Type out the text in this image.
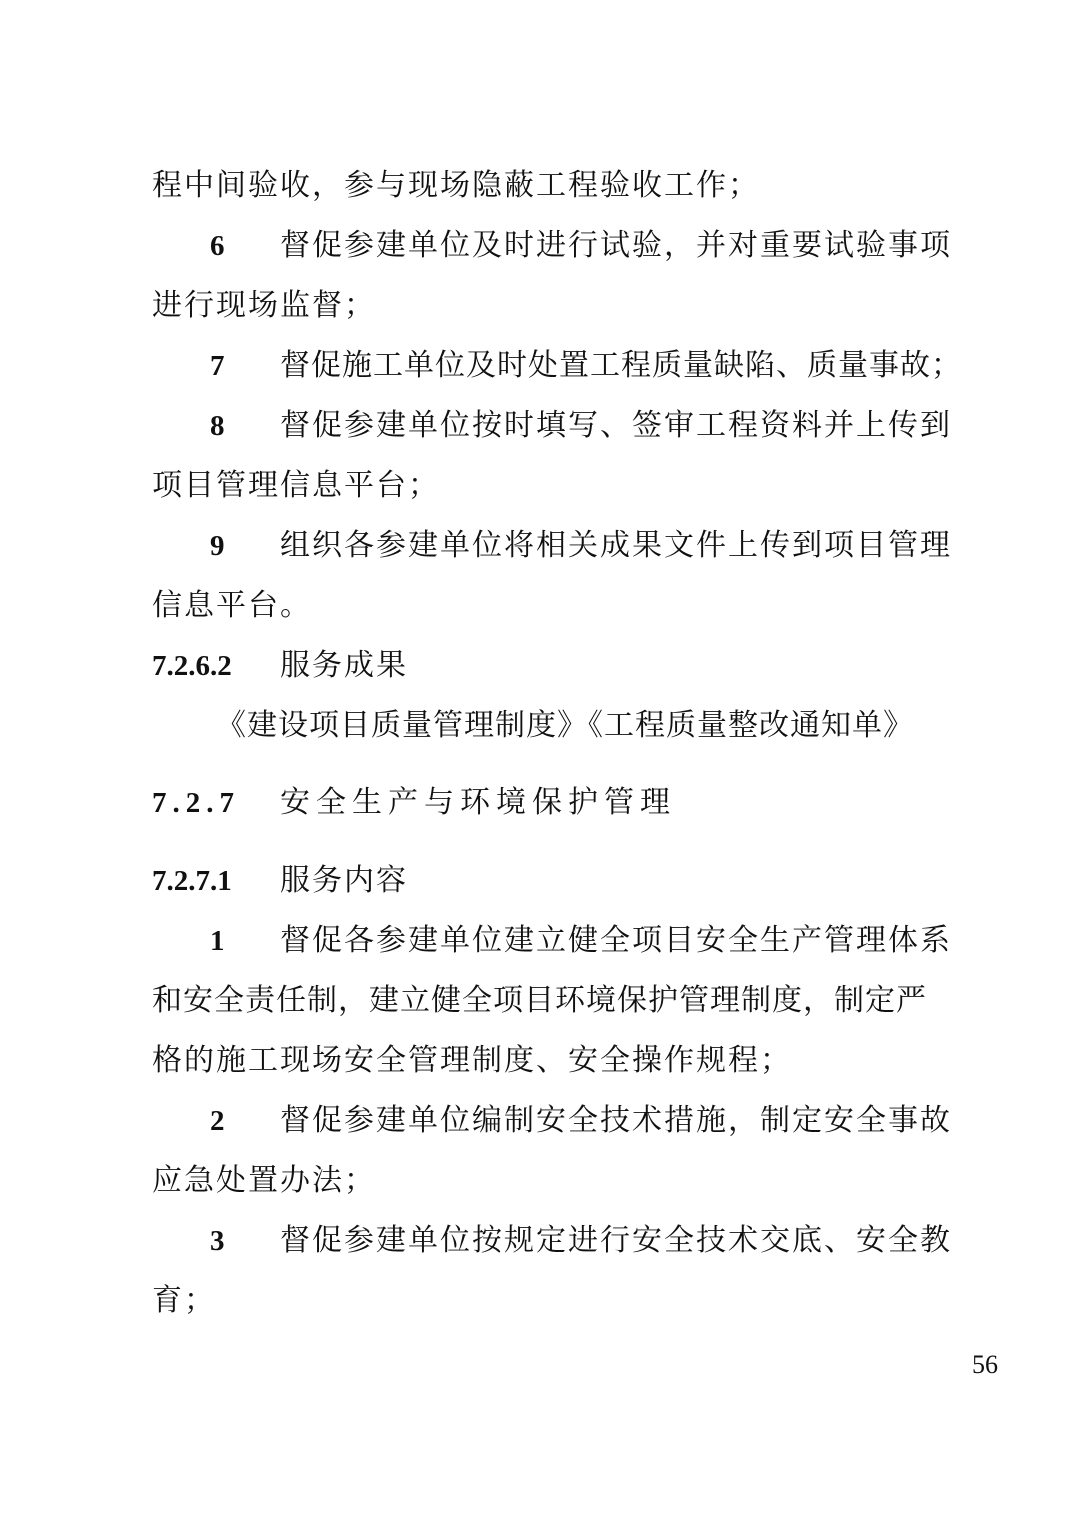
程中间验收，参与现场隐蔽工程验收工作；
6 督促参建单位及时进行试验，并对重要试验事项
进行现场监督；
7 督促施工单位及时处置工程质量缺陷、质量事故；
8 督促参建单位按时填写、签审工程资料并上传到
项目管理信息平台；
9 组织各参建单位将相关成果文件上传到项目管理
信息平台。
7.2.6.2 服务成果
《建设项目质量管理制度》《工程质量整改通知单》
7.2.7 安全生产与环境保护管理
7.2.7.1 服务内容
1 督促各参建单位建立健全项目安全生产管理体系
和安全责任制，建立健全项目环境保护管理制度，制定严
格的施工现场安全管理制度、安全操作规程；
2 督促参建单位编制安全技术措施，制定安全事故
应急处置办法；
3 督促参建单位按规定进行安全技术交底、安全教
育；
56
